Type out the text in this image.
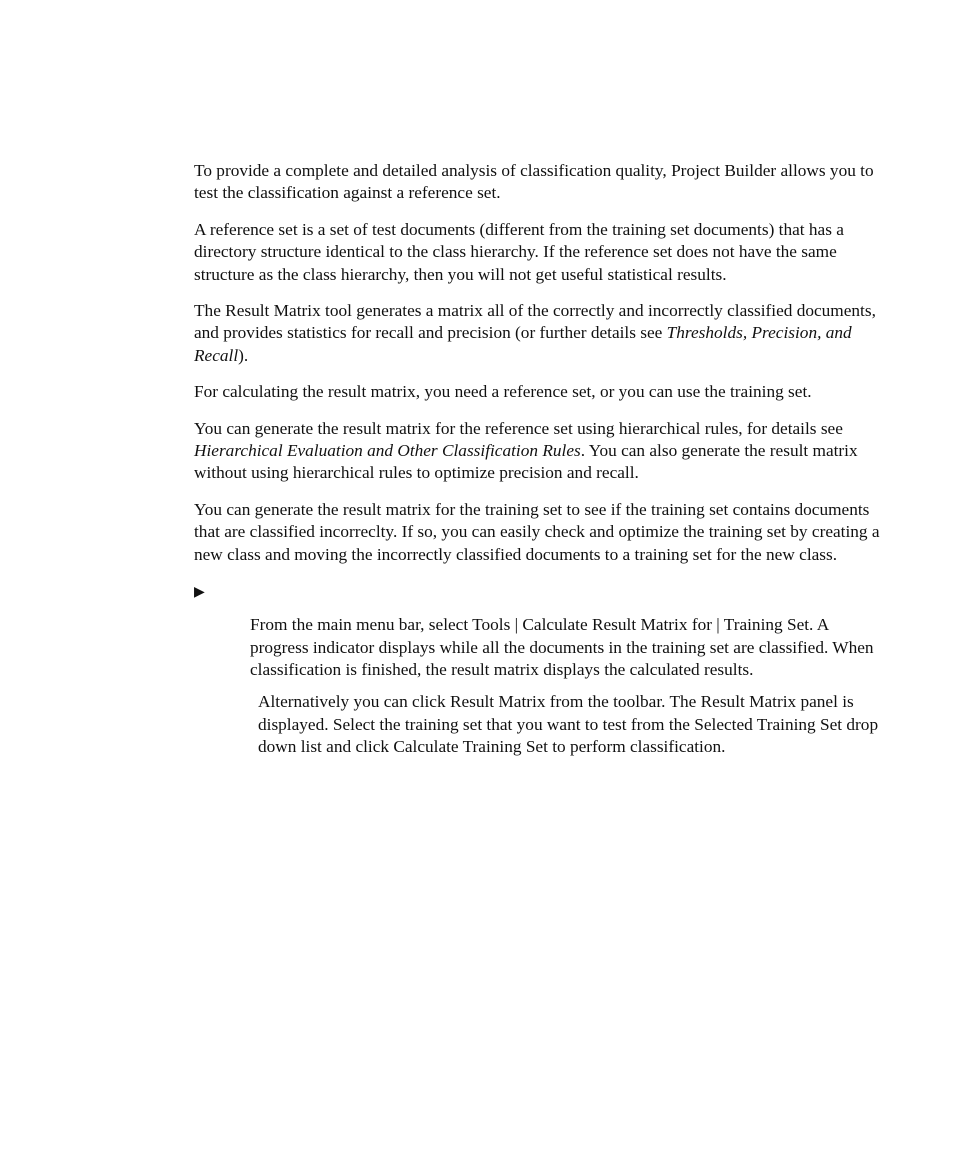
To provide a complete and detailed analysis of classification quality, Project Builder allows you to test the classification against a reference set.

A reference set is a set of test documents (different from the training set documents) that has a directory structure identical to the class hierarchy. If the reference set does not have the same structure as the class hierarchy, then you will not get useful statistical results.

The Result Matrix tool generates a matrix all of the correctly and incorrectly classified documents, and provides statistics for recall and precision (or further details see Thresholds, Precision, and Recall).

For calculating the result matrix, you need a reference set, or you can use the training set.

You can generate the result matrix for the reference set using hierarchical rules, for details see Hierarchical Evaluation and Other Classification Rules. You can also generate the result matrix without using hierarchical rules to optimize precision and recall.

You can generate the result matrix for the training set to see if the training set contains documents that are classified incorreclty. If so, you can easily check and optimize the training set by creating a new class and moving the incorrectly classified documents to a training set for the new class.

▶
From the main menu bar, select Tools | Calculate Result Matrix for | Training Set. A progress indicator displays while all the documents in the training set are classified. When classification is finished, the result matrix displays the calculated results.
Alternatively you can click Result Matrix from the toolbar. The Result Matrix panel is displayed. Select the training set that you want to test from the Selected Training Set drop down list and click Calculate Training Set to perform classification.
